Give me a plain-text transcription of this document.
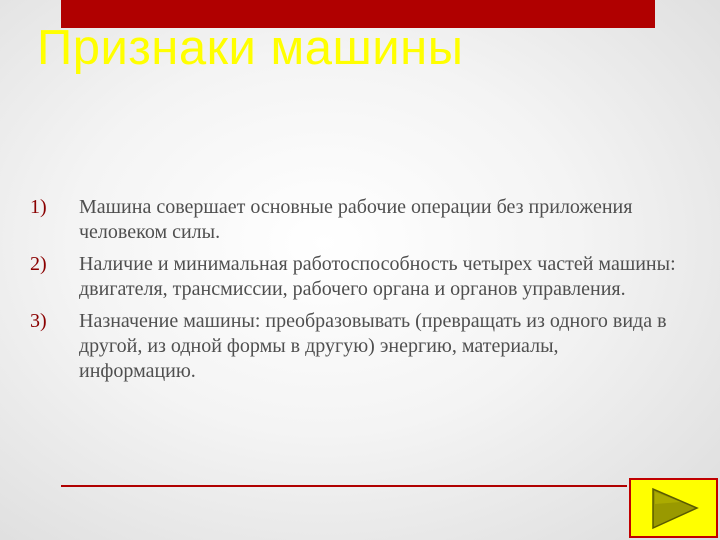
Признаки машины
1)	Машина совершает основные рабочие операции без приложения человеком силы.
2)	Наличие и минимальная работоспособность четырех частей машины: двигателя, трансмиссии, рабочего органа и органов управления.
3)	Назначение машины: преобразовывать (превращать из одного вида в другой, из одной формы в другую) энергию, материалы, информацию.
